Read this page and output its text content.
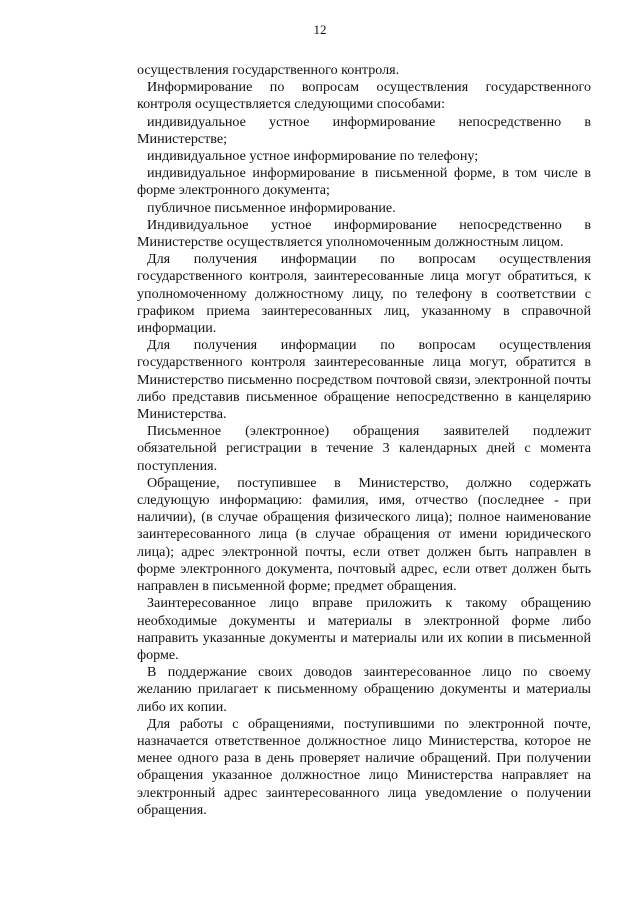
12

осуществления государственного контроля.

Информирование по вопросам осуществления государственного контроля осуществляется следующими способами:

индивидуальное устное информирование непосредственно в Министерстве;

индивидуальное устное информирование по телефону;

индивидуальное информирование в письменной форме, в том числе в форме электронного документа;

публичное письменное информирование.

Индивидуальное устное информирование непосредственно в Министерстве осуществляется уполномоченным должностным лицом.

Для получения информации по вопросам осуществления государственного контроля, заинтересованные лица могут обратиться, к уполномоченному должностному лицу, по телефону в соответствии с графиком приема заинтересованных лиц, указанному в справочной информации.

Для получения информации по вопросам осуществления государственного контроля заинтересованные лица могут, обратится в Министерство письменно посредством почтовой связи, электронной почты либо представив письменное обращение непосредственно в канцелярию Министерства.

Письменное (электронное) обращения заявителей подлежит обязательной регистрации в течение 3 календарных дней с момента поступления.

Обращение, поступившее в Министерство, должно содержать следующую информацию: фамилия, имя, отчество (последнее - при наличии), (в случае обращения физического лица); полное наименование заинтересованного лица (в случае обращения от имени юридического лица); адрес электронной почты, если ответ должен быть направлен в форме электронного документа, почтовый адрес, если ответ должен быть направлен в письменной форме; предмет обращения.

Заинтересованное лицо вправе приложить к такому обращению необходимые документы и материалы в электронной форме либо направить указанные документы и материалы или их копии в письменной форме.

В поддержание своих доводов заинтересованное лицо по своему желанию прилагает к письменному обращению документы и материалы либо их копии.

Для работы с обращениями, поступившими по электронной почте, назначается ответственное должностное лицо Министерства, которое не менее одного раза в день проверяет наличие обращений. При получении обращения указанное должностное лицо Министерства направляет на электронный адрес заинтересованного лица уведомление о получении обращения.
